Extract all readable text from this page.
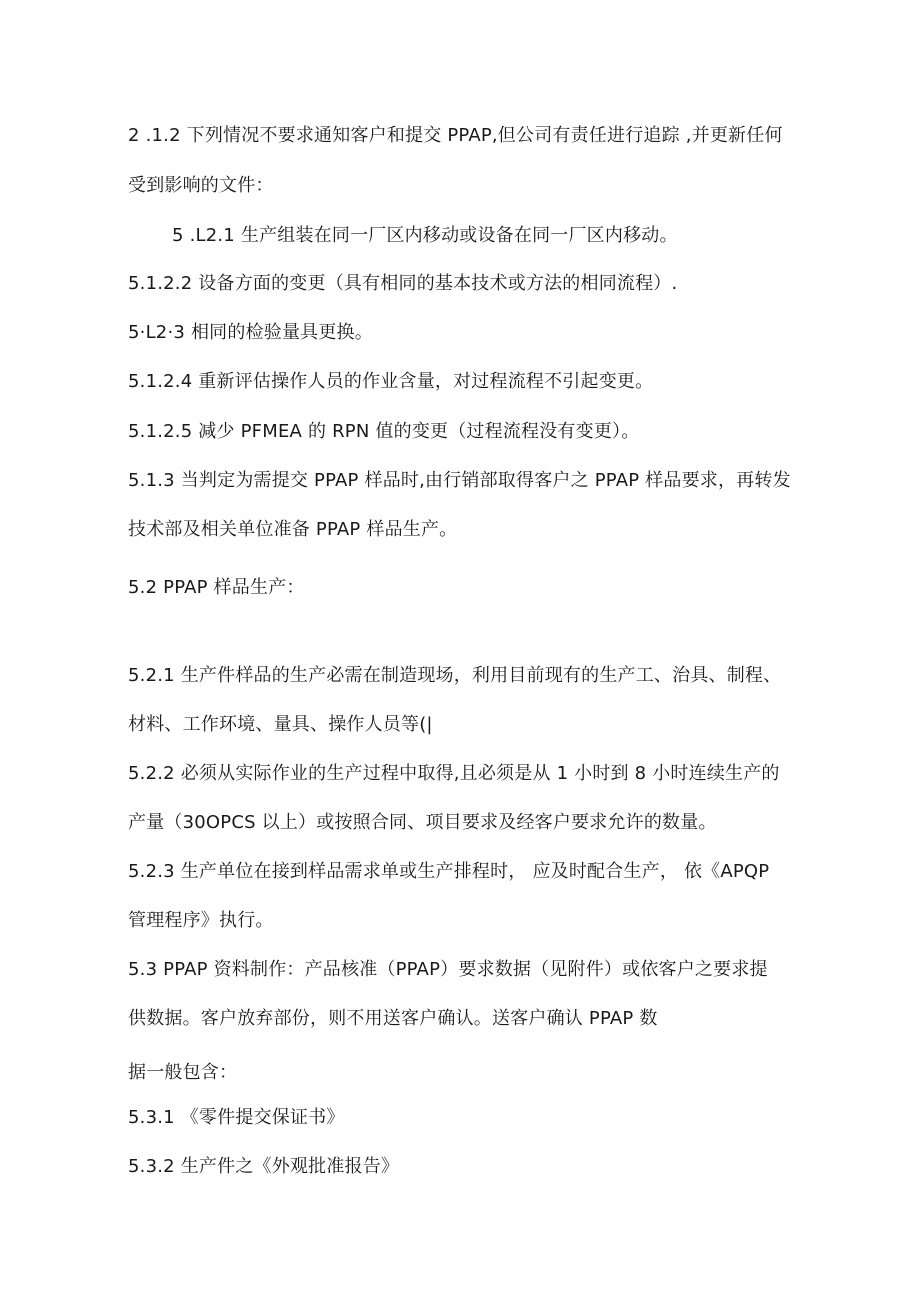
2 .1.2 下列情况不要求通知客户和提交 PPAP,但公司有责任进行追踪 ,并更新任何
受到影响的文件：
5 .L2.1 生产组装在同一厂区内移动或设备在同一厂区内移动。
5.1.2.2 设备方面的变更（具有相同的基本技术或方法的相同流程）.
5·L2·3 相同的检验量具更换。
5.1.2.4 重新评估操作人员的作业含量，对过程流程不引起变更。
5.1.2.5 减少 PFMEA 的 RPN 值的变更（过程流程没有变更）。
5.1.3 当判定为需提交 PPAP 样品时,由行销部取得客户之 PPAP 样品要求，再转发
技术部及相关单位准备 PPAP 样品生产。
5.2 PPAP 样品生产：
5.2.1 生产件样品的生产必需在制造现场，利用目前现有的生产工、治具、制程、
材料、工作环境、量具、操作人员等(|
5.2.2 必须从实际作业的生产过程中取得,且必须是从 1 小时到 8 小时连续生产的
产量（30OPCS 以上）或按照合同、项目要求及经客户要求允许的数量。
5.2.3 生产单位在接到样品需求单或生产排程时， 应及时配合生产， 依《APQP
管理程序》执行。
5.3 PPAP 资料制作：产品核准（PPAP）要求数据（见附件）或依客户之要求提
供数据。客户放弃部份，则不用送客户确认。送客户确认 PPAP 数
据一般包含：
5.3.1 《零件提交保证书》
5.3.2 生产件之《外观批准报告》
